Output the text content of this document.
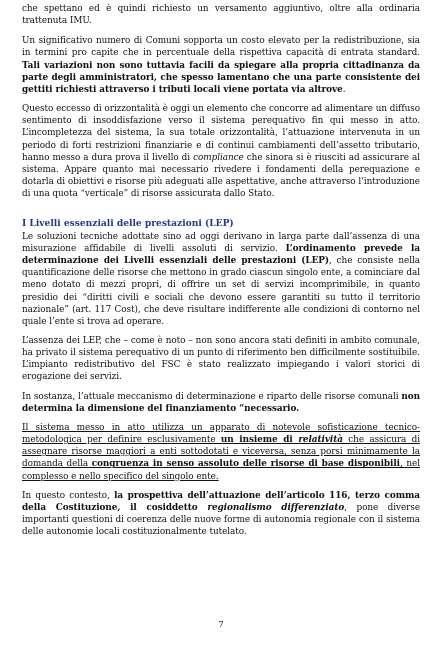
che spettano ed è quindi richiesto un versamento aggiuntivo, oltre alla ordinaria trattenuta IMU.

Un significativo numero di Comuni sopporta un costo elevato per la redistribuzione, sia in termini pro capite che in percentuale della rispettiva capacità di entrata standard. Tali variazioni non sono tuttavia facili da spiegare alla propria cittadinanza da parte degli amministratori, che spesso lamentano che una parte consistente dei gettiti richiesti attraverso i tributi locali viene portata via altrove.

Questo eccesso di orizzontalità è oggi un elemento che concorre ad alimentare un diffuso sentimento di insoddisfazione verso il sistema perequativo fin qui messo in atto. L’incompletezza del sistema, la sua totale orizzontalità, l’attuazione intervenuta in un periodo di forti restrizioni finanziarie e di continui cambiamenti dell’assetto tributario, hanno messo a dura prova il livello di compliance che sinora si è riusciti ad assicurare al sistema. Appare quanto mai necessario rivedere i fondamenti della perequazione e dotarla di obiettivi e risorse più adeguati alle aspettative, anche attraverso l’introduzione di una quota “verticale” di risorse assicurata dallo Stato.

I Livelli essenziali delle prestazioni (LEP)

Le soluzioni tecniche adottate sino ad oggi derivano in larga parte dall’assenza di una misurazione affidabile di livelli assoluti di servizio. L’ordinamento prevede la determinazione dei Livelli essenziali delle prestazioni (LEP), che consiste nella quantificazione delle risorse che mettono in grado ciascun singolo ente, a cominciare dal meno dotato di mezzi propri, di offrire un set di servizi incomprimibile, in quanto presidio dei “diritti civili e sociali che devono essere garantiti su tutto il territorio nazionale” (art. 117 Cost), che deve risultare indifferente alle condizioni di contorno nel quale l’ente si trova ad operare.

L’assenza dei LEP, che – come è noto – non sono ancora stati definiti in ambito comunale, ha privato il sistema perequativo di un punto di riferimento ben difficilmente sostituibile. L’impianto redistributivo del FSC è stato realizzato impiegando i valori storici di erogazione dei servizi.

In sostanza, l’attuale meccanismo di determinazione e riparto delle risorse comunali non determina la dimensione del finanziamento “necessario.

Il sistema messo in atto utilizza un apparato di notevole sofisticazione tecnico-metodologica per definire esclusivamente un insieme di relatività che assicura di assegnare risorse maggiori a enti sottodotati e viceversa, senza porsi minimamente la domanda della congruenza in senso assoluto delle risorse di base disponibili, nel complesso e nello specifico del singolo ente.

In questo contesto, la prospettiva dell’attuazione dell’articolo 116, terzo comma della Costituzione, il cosiddetto regionalismo differenziato, pone diverse importanti questioni di coerenza delle nuove forme di autonomia regionale con il sistema delle autonomie locali costituzionalmente tutelato.

7
